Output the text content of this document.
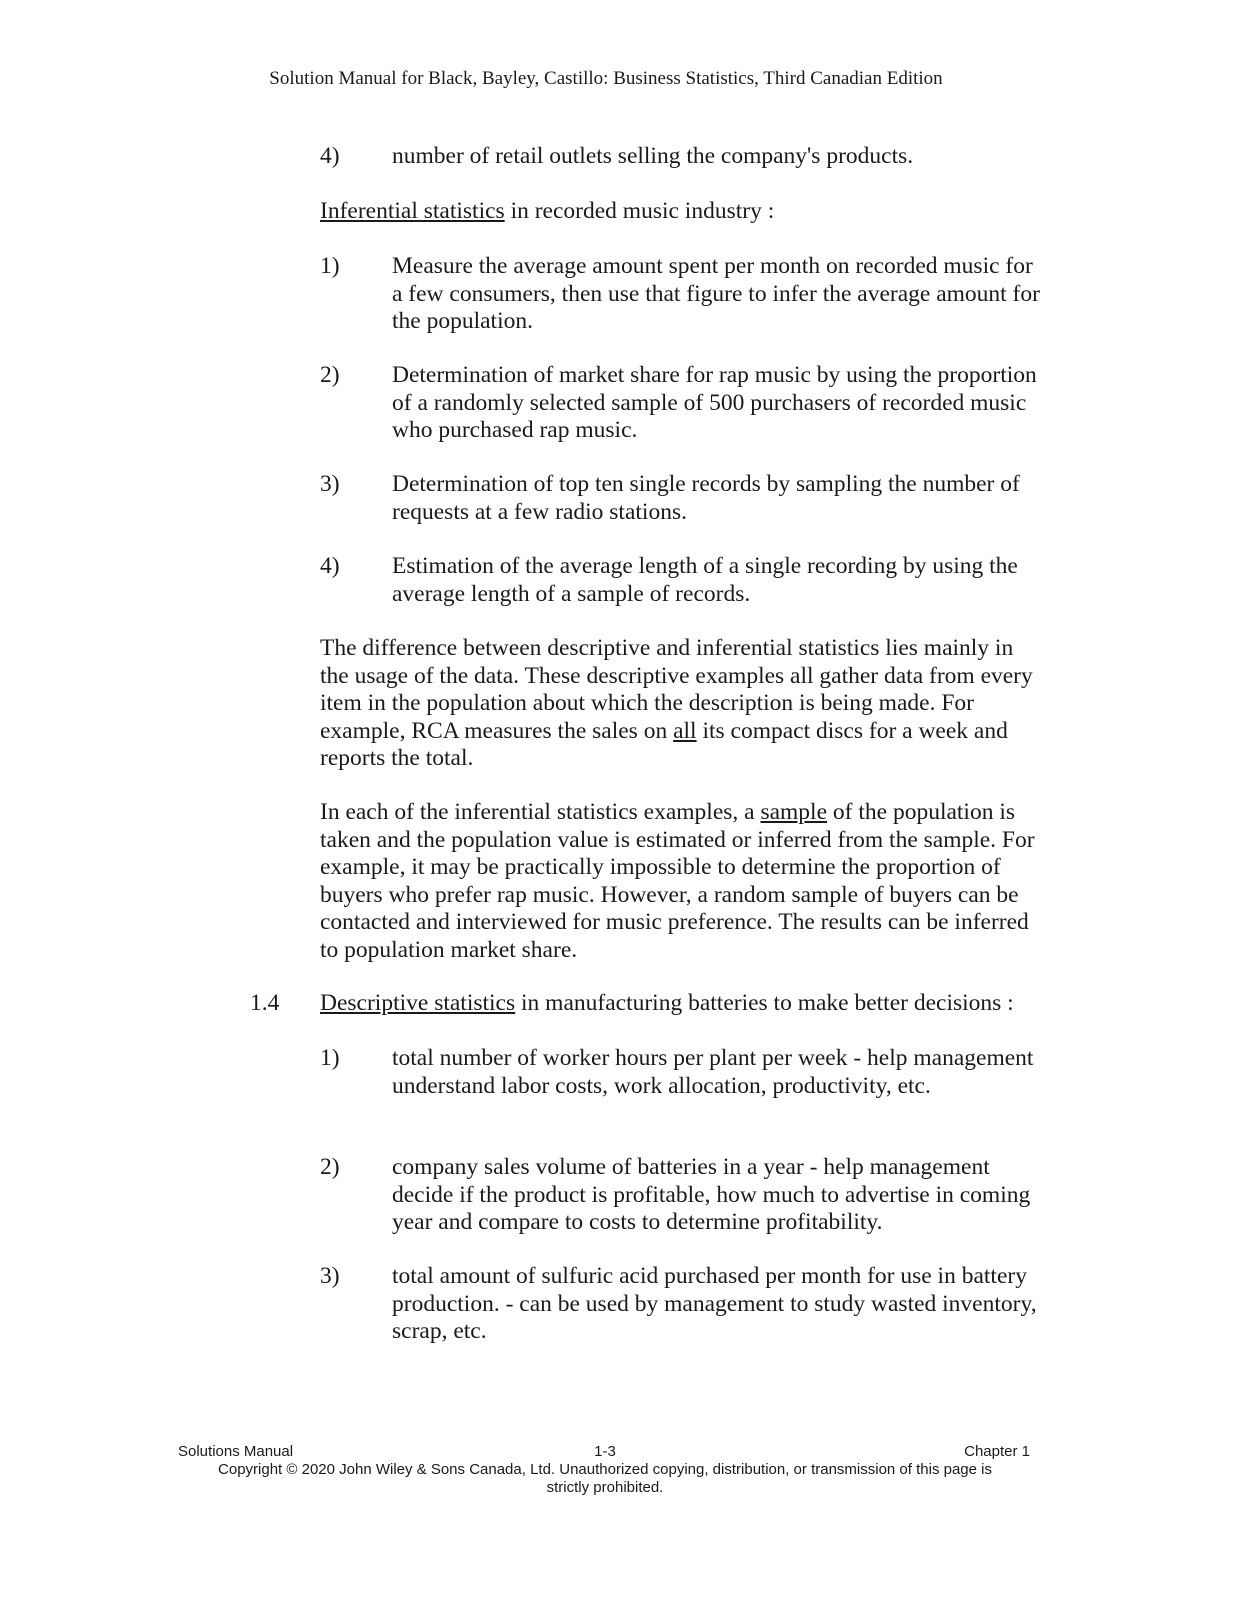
Solution Manual for Black, Bayley, Castillo: Business Statistics, Third Canadian Edition
4) number of retail outlets selling the company's products.
Inferential statistics in recorded music industry :
1) Measure the average amount spent per month on recorded music for a few consumers, then use that figure to infer the average amount for the population.
2) Determination of market share for rap music by using the proportion of a randomly selected sample of 500 purchasers of recorded music who purchased rap music.
3) Determination of top ten single records by sampling the number of requests at a few radio stations.
4) Estimation of the average length of a single recording by using the average length of a sample of records.
The difference between descriptive and inferential statistics lies mainly in the usage of the data. These descriptive examples all gather data from every item in the population about which the description is being made. For example, RCA measures the sales on all its compact discs for a week and reports the total.
In each of the inferential statistics examples, a sample of the population is taken and the population value is estimated or inferred from the sample. For example, it may be practically impossible to determine the proportion of buyers who prefer rap music. However, a random sample of buyers can be contacted and interviewed for music preference. The results can be inferred to population market share.
1.4 Descriptive statistics in manufacturing batteries to make better decisions :
1) total number of worker hours per plant per week - help management understand labor costs, work allocation, productivity, etc.
2) company sales volume of batteries in a year - help management decide if the product is profitable, how much to advertise in coming year and compare to costs to determine profitability.
3) total amount of sulfuric acid purchased per month for use in battery production. - can be used by management to study wasted inventory, scrap, etc.
Solutions Manual	1-3	Chapter 1
Copyright © 2020 John Wiley & Sons Canada, Ltd. Unauthorized copying, distribution, or transmission of this page is
strictly prohibited.
